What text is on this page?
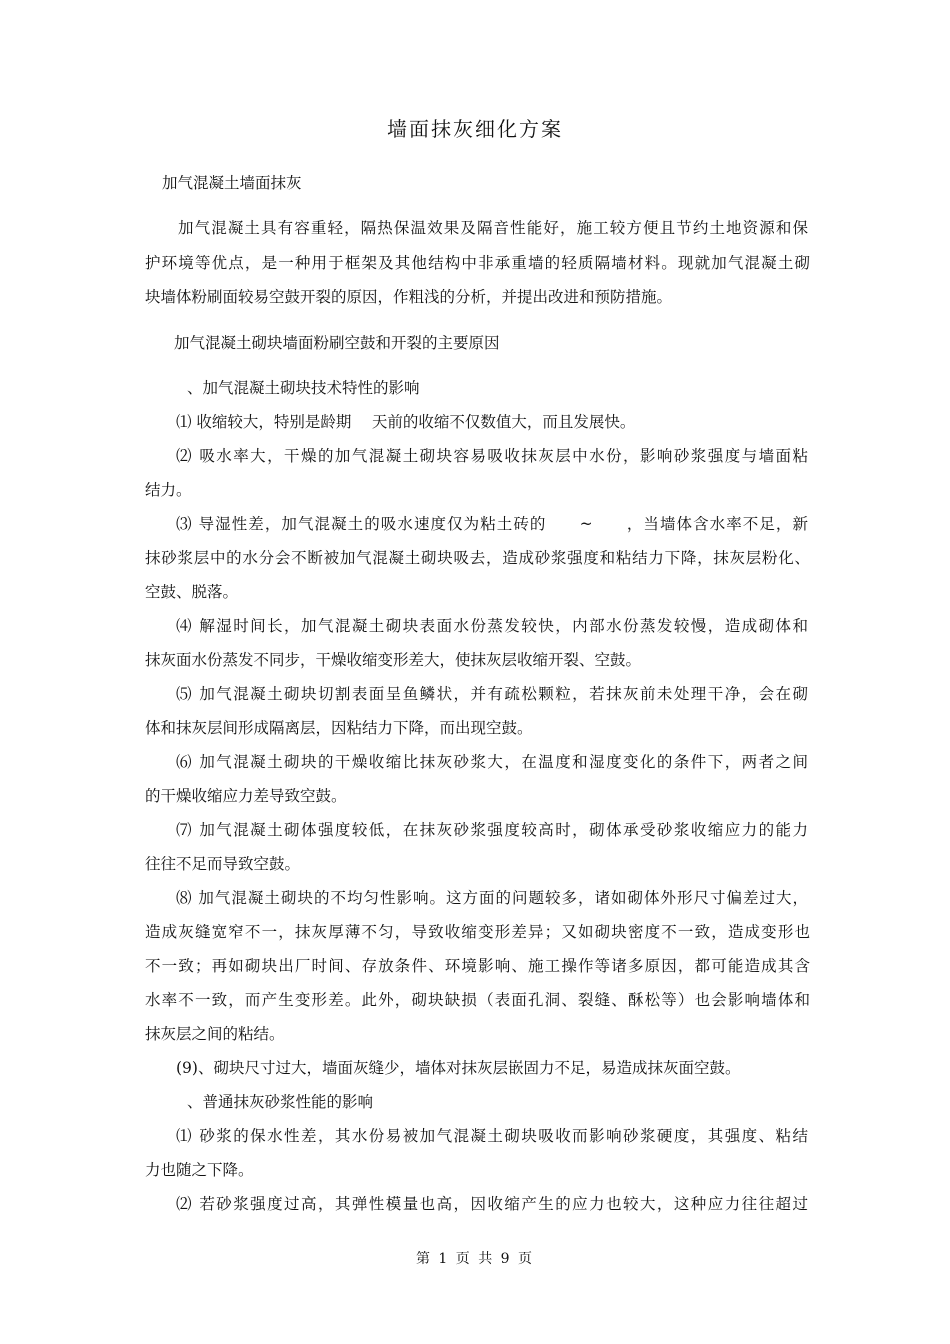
墙面抹灰细化方案
加气混凝土墙面抹灰
加气混凝土具有容重轻，隔热保温效果及隔音性能好，施工较方便且节约土地资源和保
护环境等优点，是一种用于框架及其他结构中非承重墙的轻质隔墙材料。现就加气混凝土砌
块墙体粉刷面较易空鼓开裂的原因，作粗浅的分析，并提出改进和预防措施。
加气混凝土砌块墙面粉刷空鼓和开裂的主要原因
、加气混凝土砌块技术特性的影响
⑴ 收缩较大，特别是龄期　 天前的收缩不仅数值大，而且发展快。
⑵ 吸水率大，干燥的加气混凝土砌块容易吸收抹灰层中水份，影响砂浆强度与墙面粘
结力。
⑶ 导湿性差，加气混凝土的吸水速度仅为粘土砖的　　~　　，当墙体含水率不足，新
抹砂浆层中的水分会不断被加气混凝土砌块吸去，造成砂浆强度和粘结力下降，抹灰层粉化、
空鼓、脱落。
⑷ 解湿时间长，加气混凝土砌块表面水份蒸发较快，内部水份蒸发较慢，造成砌体和
抹灰面水份蒸发不同步，干燥收缩变形差大，使抹灰层收缩开裂、空鼓。
⑸ 加气混凝土砌块切割表面呈鱼鳞状，并有疏松颗粒，若抹灰前未处理干净，会在砌
体和抹灰层间形成隔离层，因粘结力下降，而出现空鼓。
⑹ 加气混凝土砌块的干燥收缩比抹灰砂浆大，在温度和湿度变化的条件下，两者之间
的干燥收缩应力差导致空鼓。
⑺ 加气混凝土砌体强度较低，在抹灰砂浆强度较高时，砌体承受砂浆收缩应力的能力
往往不足而导致空鼓。
⑻ 加气混凝土砌块的不均匀性影响。这方面的问题较多，诸如砌体外形尺寸偏差过大，
造成灰缝宽窄不一，抹灰厚薄不匀，导致收缩变形差异；又如砌块密度不一致，造成变形也
不一致；再如砌块出厂时间、存放条件、环境影响、施工操作等诸多原因，都可能造成其含
水率不一致，而产生变形差。此外，砌块缺损（表面孔洞、裂缝、酥松等）也会影响墙体和
抹灰层之间的粘结。
(9)、砌块尺寸过大，墙面灰缝少，墙体对抹灰层嵌固力不足，易造成抹灰面空鼓。
、普通抹灰砂浆性能的影响
⑴ 砂浆的保水性差，其水份易被加气混凝土砌块吸收而影响砂浆硬度，其强度、粘结
力也随之下降。
⑵ 若砂浆强度过高，其弹性模量也高，因收缩产生的应力也较大，这种应力往往超过
第 1 页 共 9 页
